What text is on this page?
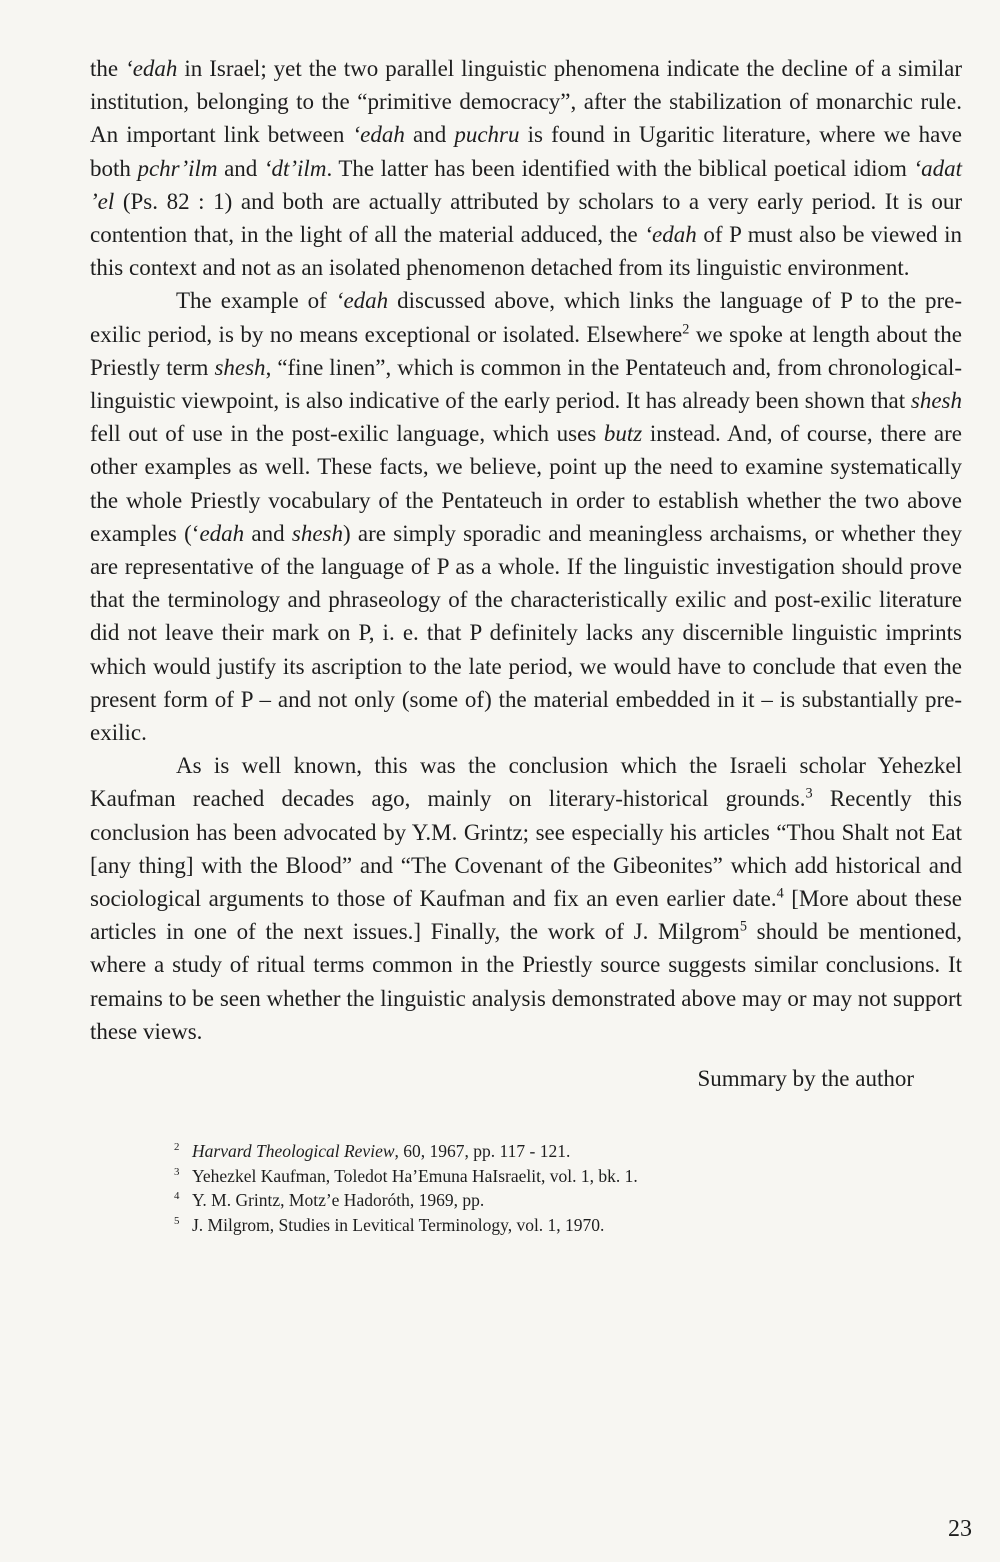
the ‘edah in Israel; yet the two parallel linguistic phenomena indicate the decline of a similar institution, belonging to the “primitive democracy”, after the stabilization of monarchic rule. An important link between ‘edah and puchru is found in Ugaritic literature, where we have both pchr’ilm and ‘dt’ilm. The latter has been identified with the biblical poetical idiom ‘adat ’el (Ps. 82 : 1) and both are actually attributed by scholars to a very early period. It is our contention that, in the light of all the material adduced, the ‘edah of P must also be viewed in this context and not as an isolated phenomenon detached from its linguistic environment.

The example of ‘edah discussed above, which links the language of P to the pre-exilic period, is by no means exceptional or isolated. Elsewhere$^2$ we spoke at length about the Priestly term shesh, “fine linen”, which is common in the Pentateuch and, from chronological-linguistic viewpoint, is also indicative of the early period. It has already been shown that shesh fell out of use in the post-exilic language, which uses butz instead. And, of course, there are other examples as well. These facts, we believe, point up the need to examine systematically the whole Priestly vocabulary of the Pentateuch in order to establish whether the two above examples (‘edah and shesh) are simply sporadic and meaningless archaisms, or whether they are representative of the language of P as a whole. If the linguistic investigation should prove that the terminology and phraseology of the characteristically exilic and post-exilic literature did not leave their mark on P, i. e. that P definitely lacks any discernible linguistic imprints which would justify its ascription to the late period, we would have to conclude that even the present form of P – and not only (some of) the material embedded in it – is substantially pre-exilic.

As is well known, this was the conclusion which the Israeli scholar Yehezkel Kaufman reached decades ago, mainly on literary-historical grounds.$^3$ Recently this conclusion has been advocated by Y.M. Grintz; see especially his articles “Thou Shalt not Eat [any thing] with the Blood” and “The Covenant of the Gibeonites” which add historical and sociological arguments to those of Kaufman and fix an even earlier date.$^4$ [More about these articles in one of the next issues.] Finally, the work of J. Milgrom$^5$ should be mentioned, where a study of ritual terms common in the Priestly source suggests similar conclusions. It remains to be seen whether the linguistic analysis demonstrated above may or may not support these views.

Summary by the author
$^2$ Harvard Theological Review, 60, 1967, pp. 117 - 121.
$^3$ Yehezkel Kaufman, Toledot Ha’Emuna HaIsraelit, vol. 1, bk. 1.
$^4$ Y. M. Grintz, Motz’e Hadoróth, 1969, pp.
$^5$ J. Milgrom, Studies in Levitical Terminology, vol. 1, 1970.
23
